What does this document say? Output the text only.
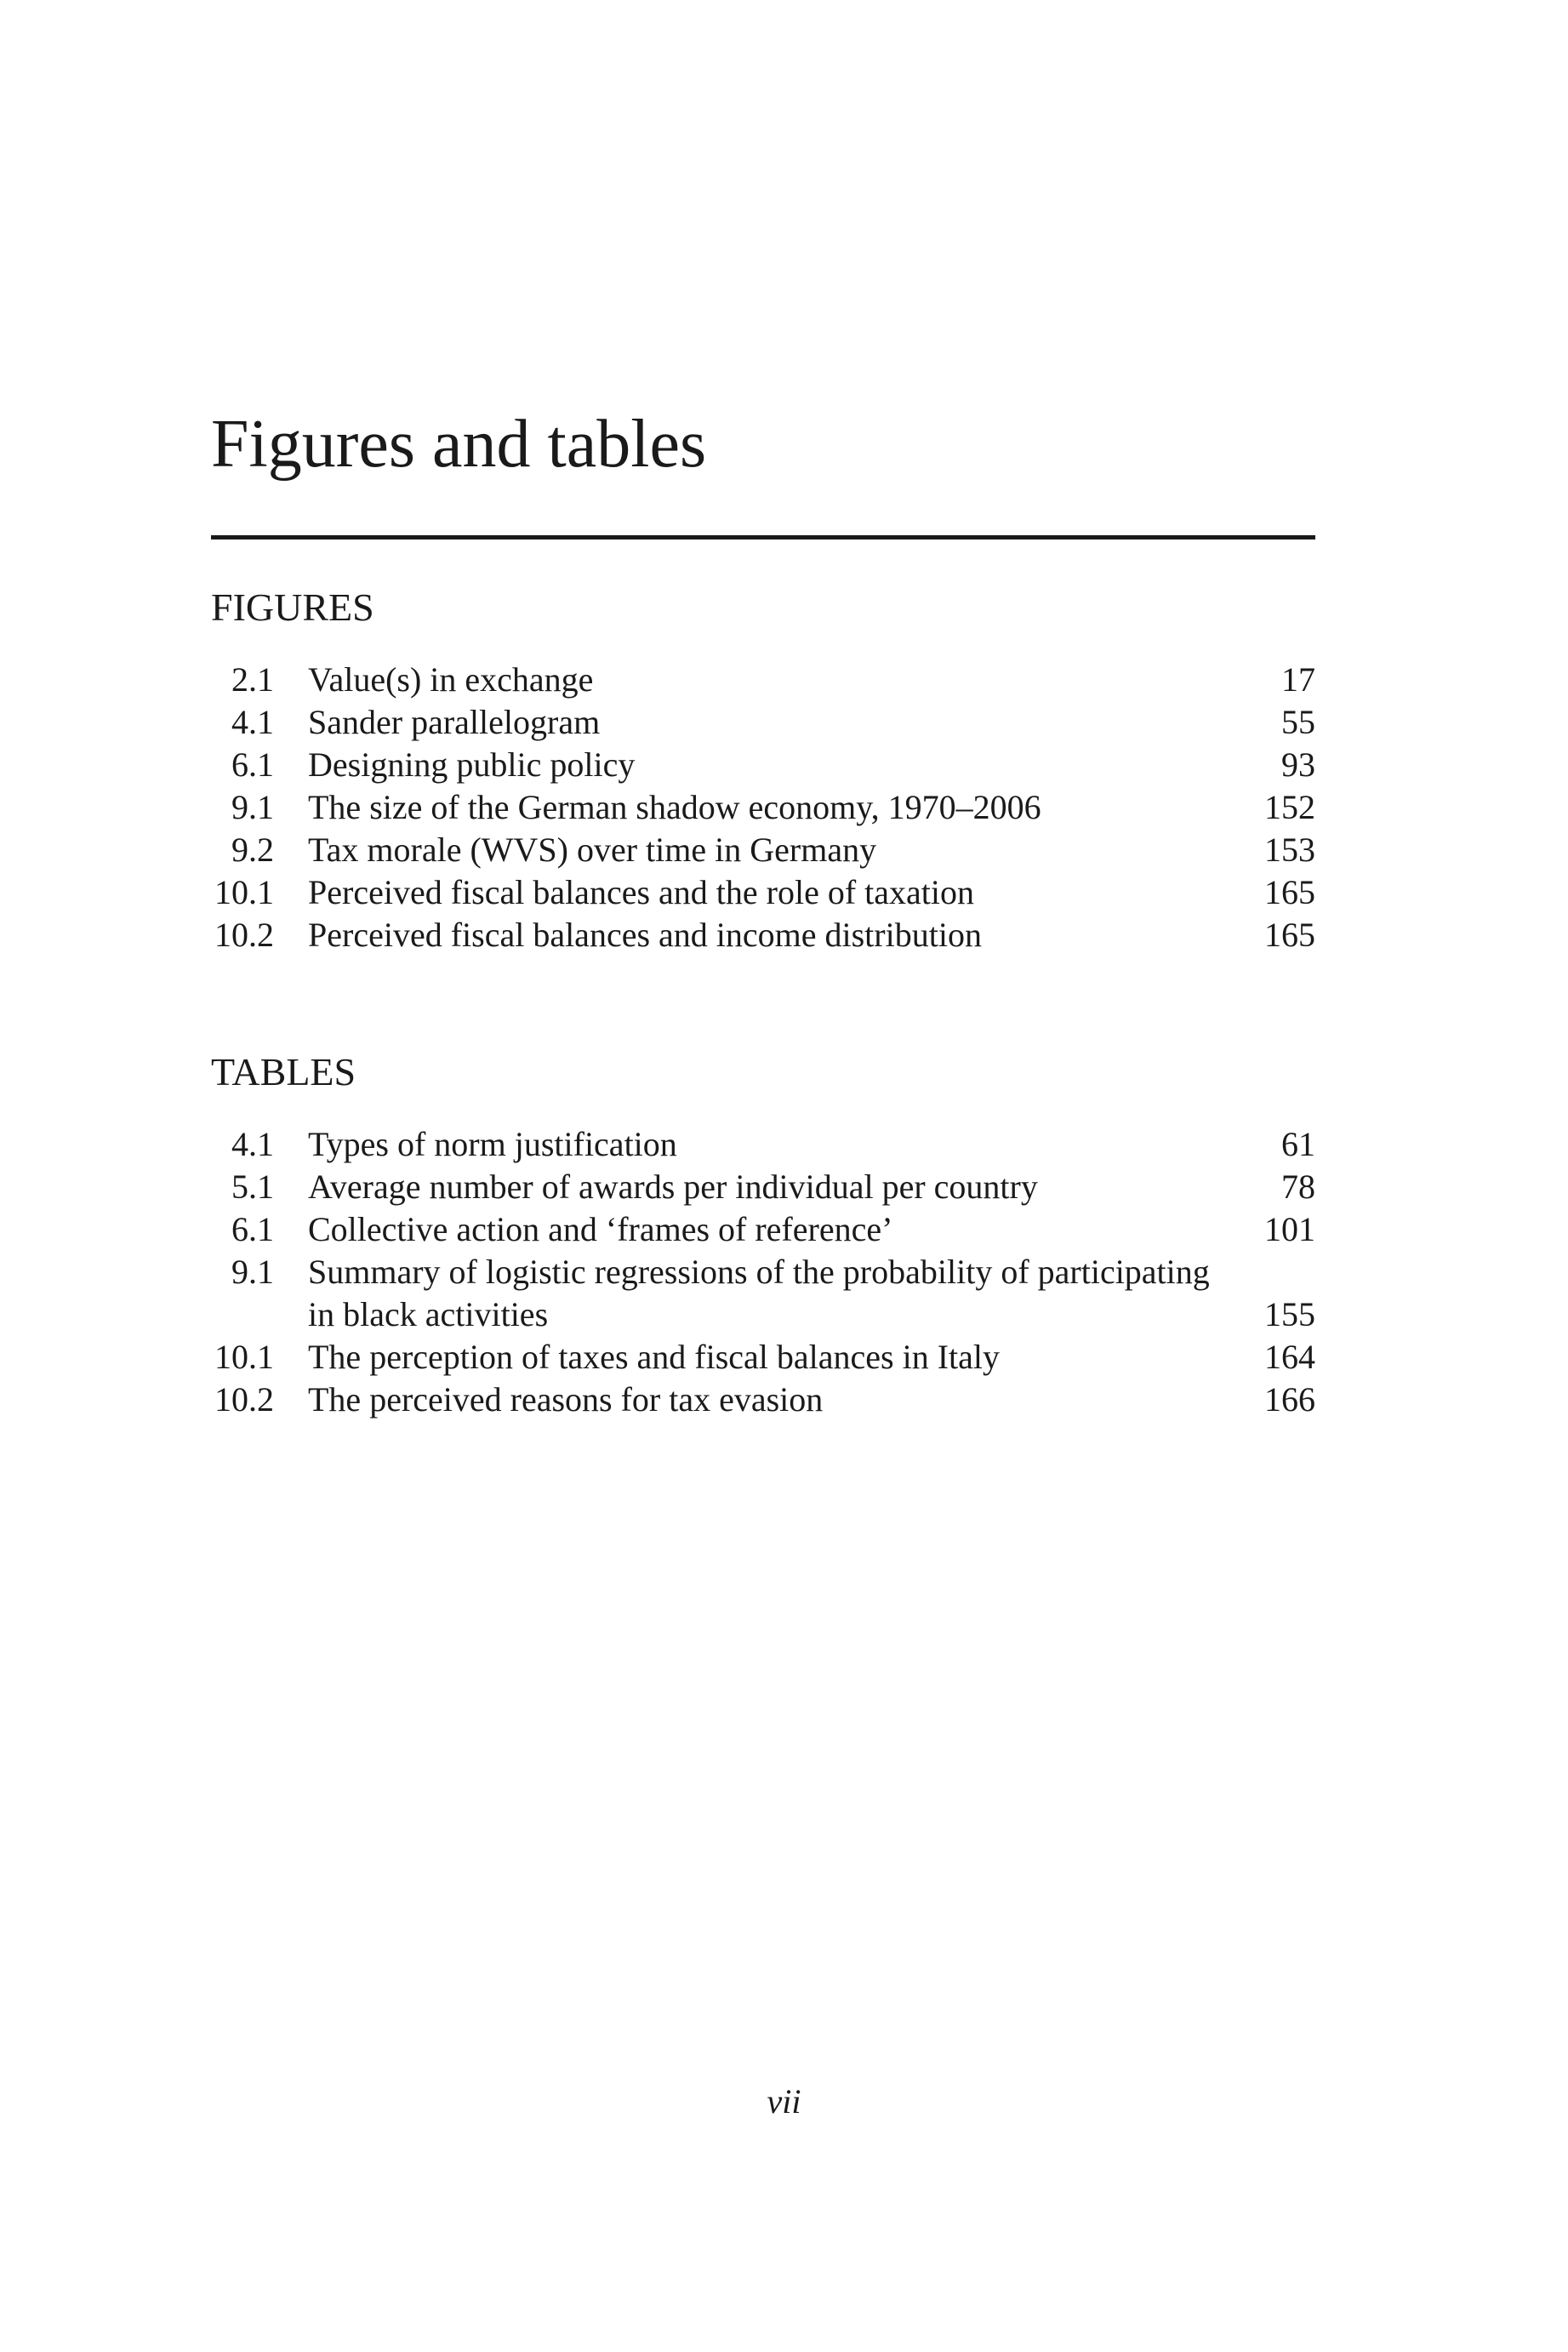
Figures and tables
FIGURES
2.1 Value(s) in exchange	17
4.1 Sander parallelogram	55
6.1 Designing public policy	93
9.1 The size of the German shadow economy, 1970–2006	152
9.2 Tax morale (WVS) over time in Germany	153
10.1 Perceived fiscal balances and the role of taxation	165
10.2 Perceived fiscal balances and income distribution	165
TABLES
4.1 Types of norm justification	61
5.1 Average number of awards per individual per country	78
6.1 Collective action and ‘frames of reference’	101
9.1 Summary of logistic regressions of the probability of participating in black activities	155
10.1 The perception of taxes and fiscal balances in Italy	164
10.2 The perceived reasons for tax evasion	166
vii
